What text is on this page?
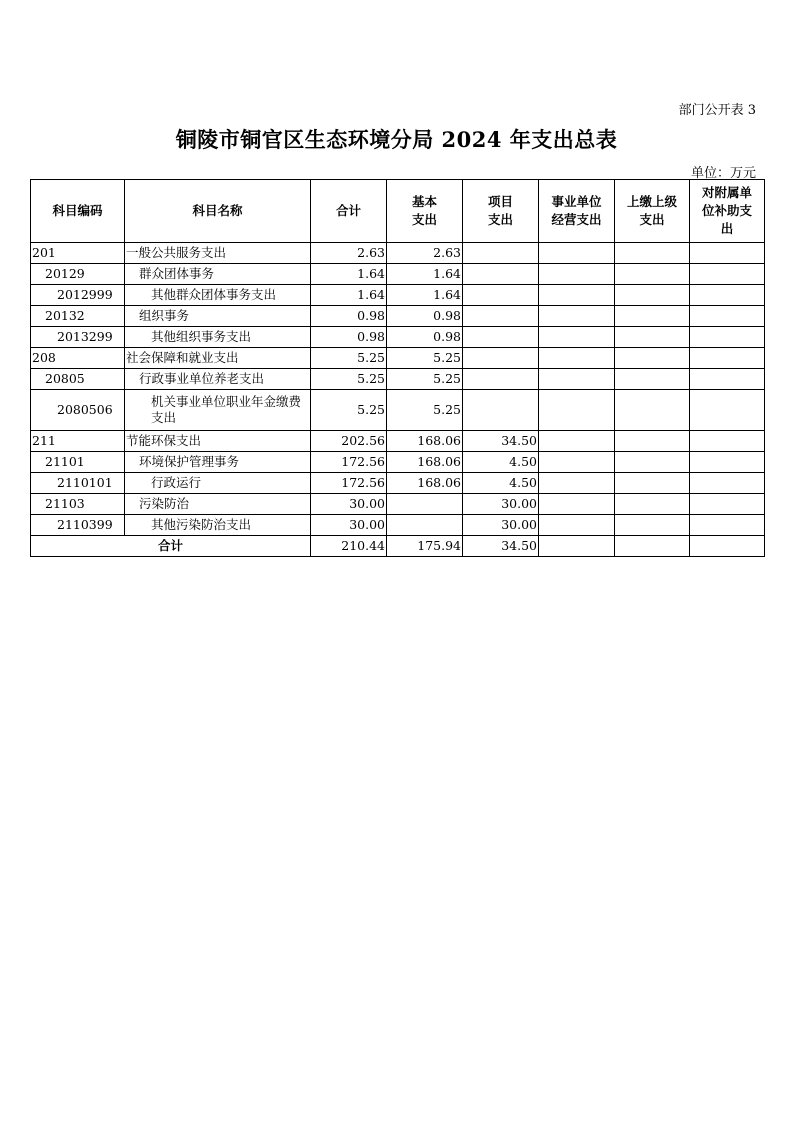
部门公开表 3
铜陵市铜官区生态环境分局 2024 年支出总表
单位：万元
科目编码	科目名称	合计	基本支出	项目支出	事业单位经营支出	上缴上级支出	对附属单位补助支出
201	一般公共服务支出	2.63	2.63				
20129	群众团体事务	1.64	1.64				
2012999	其他群众团体事务支出	1.64	1.64				
20132	组织事务	0.98	0.98				
2013299	其他组织事务支出	0.98	0.98				
208	社会保障和就业支出	5.25	5.25				
20805	行政事业单位养老支出	5.25	5.25				
2080506	机关事业单位职业年金缴费支出	5.25	5.25				
211	节能环保支出	202.56	168.06	34.50			
21101	环境保护管理事务	172.56	168.06	4.50			
2110101	行政运行	172.56	168.06	4.50			
21103	污染防治	30.00		30.00			
2110399	其他污染防治支出	30.00		30.00			
合计		210.44	175.94	34.50			
